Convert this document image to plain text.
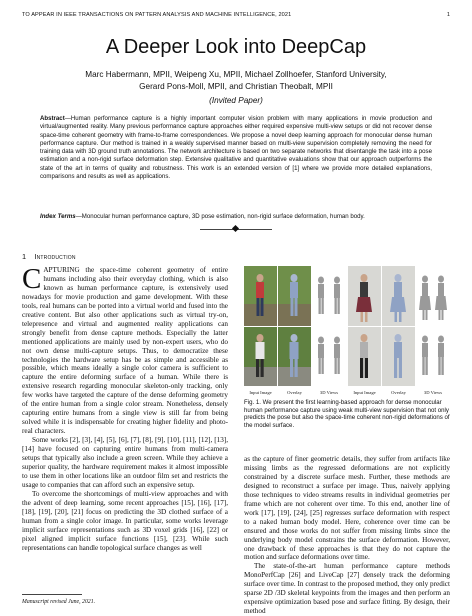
TO APPEAR IN IEEE TRANSACTIONS ON PATTERN ANALYSIS AND MACHINE INTELLIGENCE, 2021	1
A Deeper Look into DeepCap
Marc Habermann, MPII, Weipeng Xu, MPII, Michael Zollhoefer, Stanford University,
Gerard Pons-Moll, MPII, and Christian Theobalt, MPII
(Invited Paper)
Abstract—Human performance capture is a highly important computer vision problem with many applications in movie production and virtual/augmented reality. Many previous performance capture approaches either required expensive multi-view setups or did not recover dense space-time coherent geometry with frame-to-frame correspondences. We propose a novel deep learning approach for monocular dense human performance capture. Our method is trained in a weakly supervised manner based on multi-view supervision completely removing the need for training data with 3D ground truth annotations. The network architecture is based on two separate networks that disentangle the task into a pose estimation and a non-rigid surface deformation step. Extensive qualitative and quantitative evaluations show that our approach outperforms the state of the art in terms of quality and robustness. This work is an extended version of [1] where we provide more detailed explanations, comparisons and results as well as applications.
Index Terms—Monocular human performance capture, 3D pose estimation, non-rigid surface deformation, human body.
1 Introduction

CAPTURING the space-time coherent geometry of entire humans including also their everyday clothing, which is also known as human performance capture, is extensively used nowadays for movie production and game development. With these tools, real humans can be ported into a virtual world and fused into the creative content. But also other applications such as virtual try-on, telepresence and virtual and augmented reality applications can strongly benefit from dense capture methods. Especially the latter mentioned applications are mainly used by non-expert users, who do not own dense multi-capture setups. Thus, to democratize these technologies the hardware setup has be as simple and accessible as possible, which means ideally a single color camera is sufficient to capture the entire deforming surface of a human. While there is extensive research regarding monocular skeleton-only tracking, only few works have targeted the capture of the dense deforming geometry of the entire human from a single color stream. Nonetheless, densely capturing entire humans from a single view is still far from being solved while it is indispensable for creating higher fidelity and photo-real characters.

Some works [2], [3], [4], [5], [6], [7], [8], [9], [10], [11], [12], [13], [14] have focused on capturing entire humans from multi-camera setups that typically also include a green screen. While they achieve a superior quality, the hardware requirement makes it almost impossible to use them in other locations like an outdoor film set and restricts the usage to companies that can afford such an expensive setup.

To overcome the shortcomings of multi-view approaches and with the advent of deep learning, some recent approaches [15], [16], [17], [18], [19], [20], [21] focus on predicting the 3D clothed surface of a human from a single color image. In particular, some works leverage implicit surface representations such as 3D voxel grids [16], [22] or pixel aligned implicit surface functions [15], [23]. While such representations can handle topological surface changes as well

Input Image	Overlay	3D Views	Input Image	Overlay	3D Views
Fig. 1. We present the first learning-based approach for dense monocular human performance capture using weak multi-view supervision that not only predicts the pose but also the space-time coherent non-rigid deformations of the model surface.

as the capture of finer geometric details, they suffer from artifacts like missing limbs as the regressed deformations are not explicitly constrained by a discrete surface mesh. Further, these methods are designed to reconstruct a surface per image. Thus, naively applying those techniques to video streams results in individual geometries per frame which are not coherent over time. To this end, another line of work [17], [19], [24], [25] regresses surface deformation with respect to a naked human body model. Here, coherence over time can be ensured and those works do not suffer from missing limbs since the underlying body model constrains the surface deformation. However, one drawback of these approaches is that they do not capture the motion and surface deformations over time.

The state-of-the-art human performance capture methods MonoPerfCap [26] and LiveCap [27] densely track the deforming surface over time. In contrast to the proposed method, they only predict sparse 2D /3D skeletal keypoints from the images and then perform an expensive optimization based pose and surface fitting. By design, their method

Manuscript revised June, 2021.
